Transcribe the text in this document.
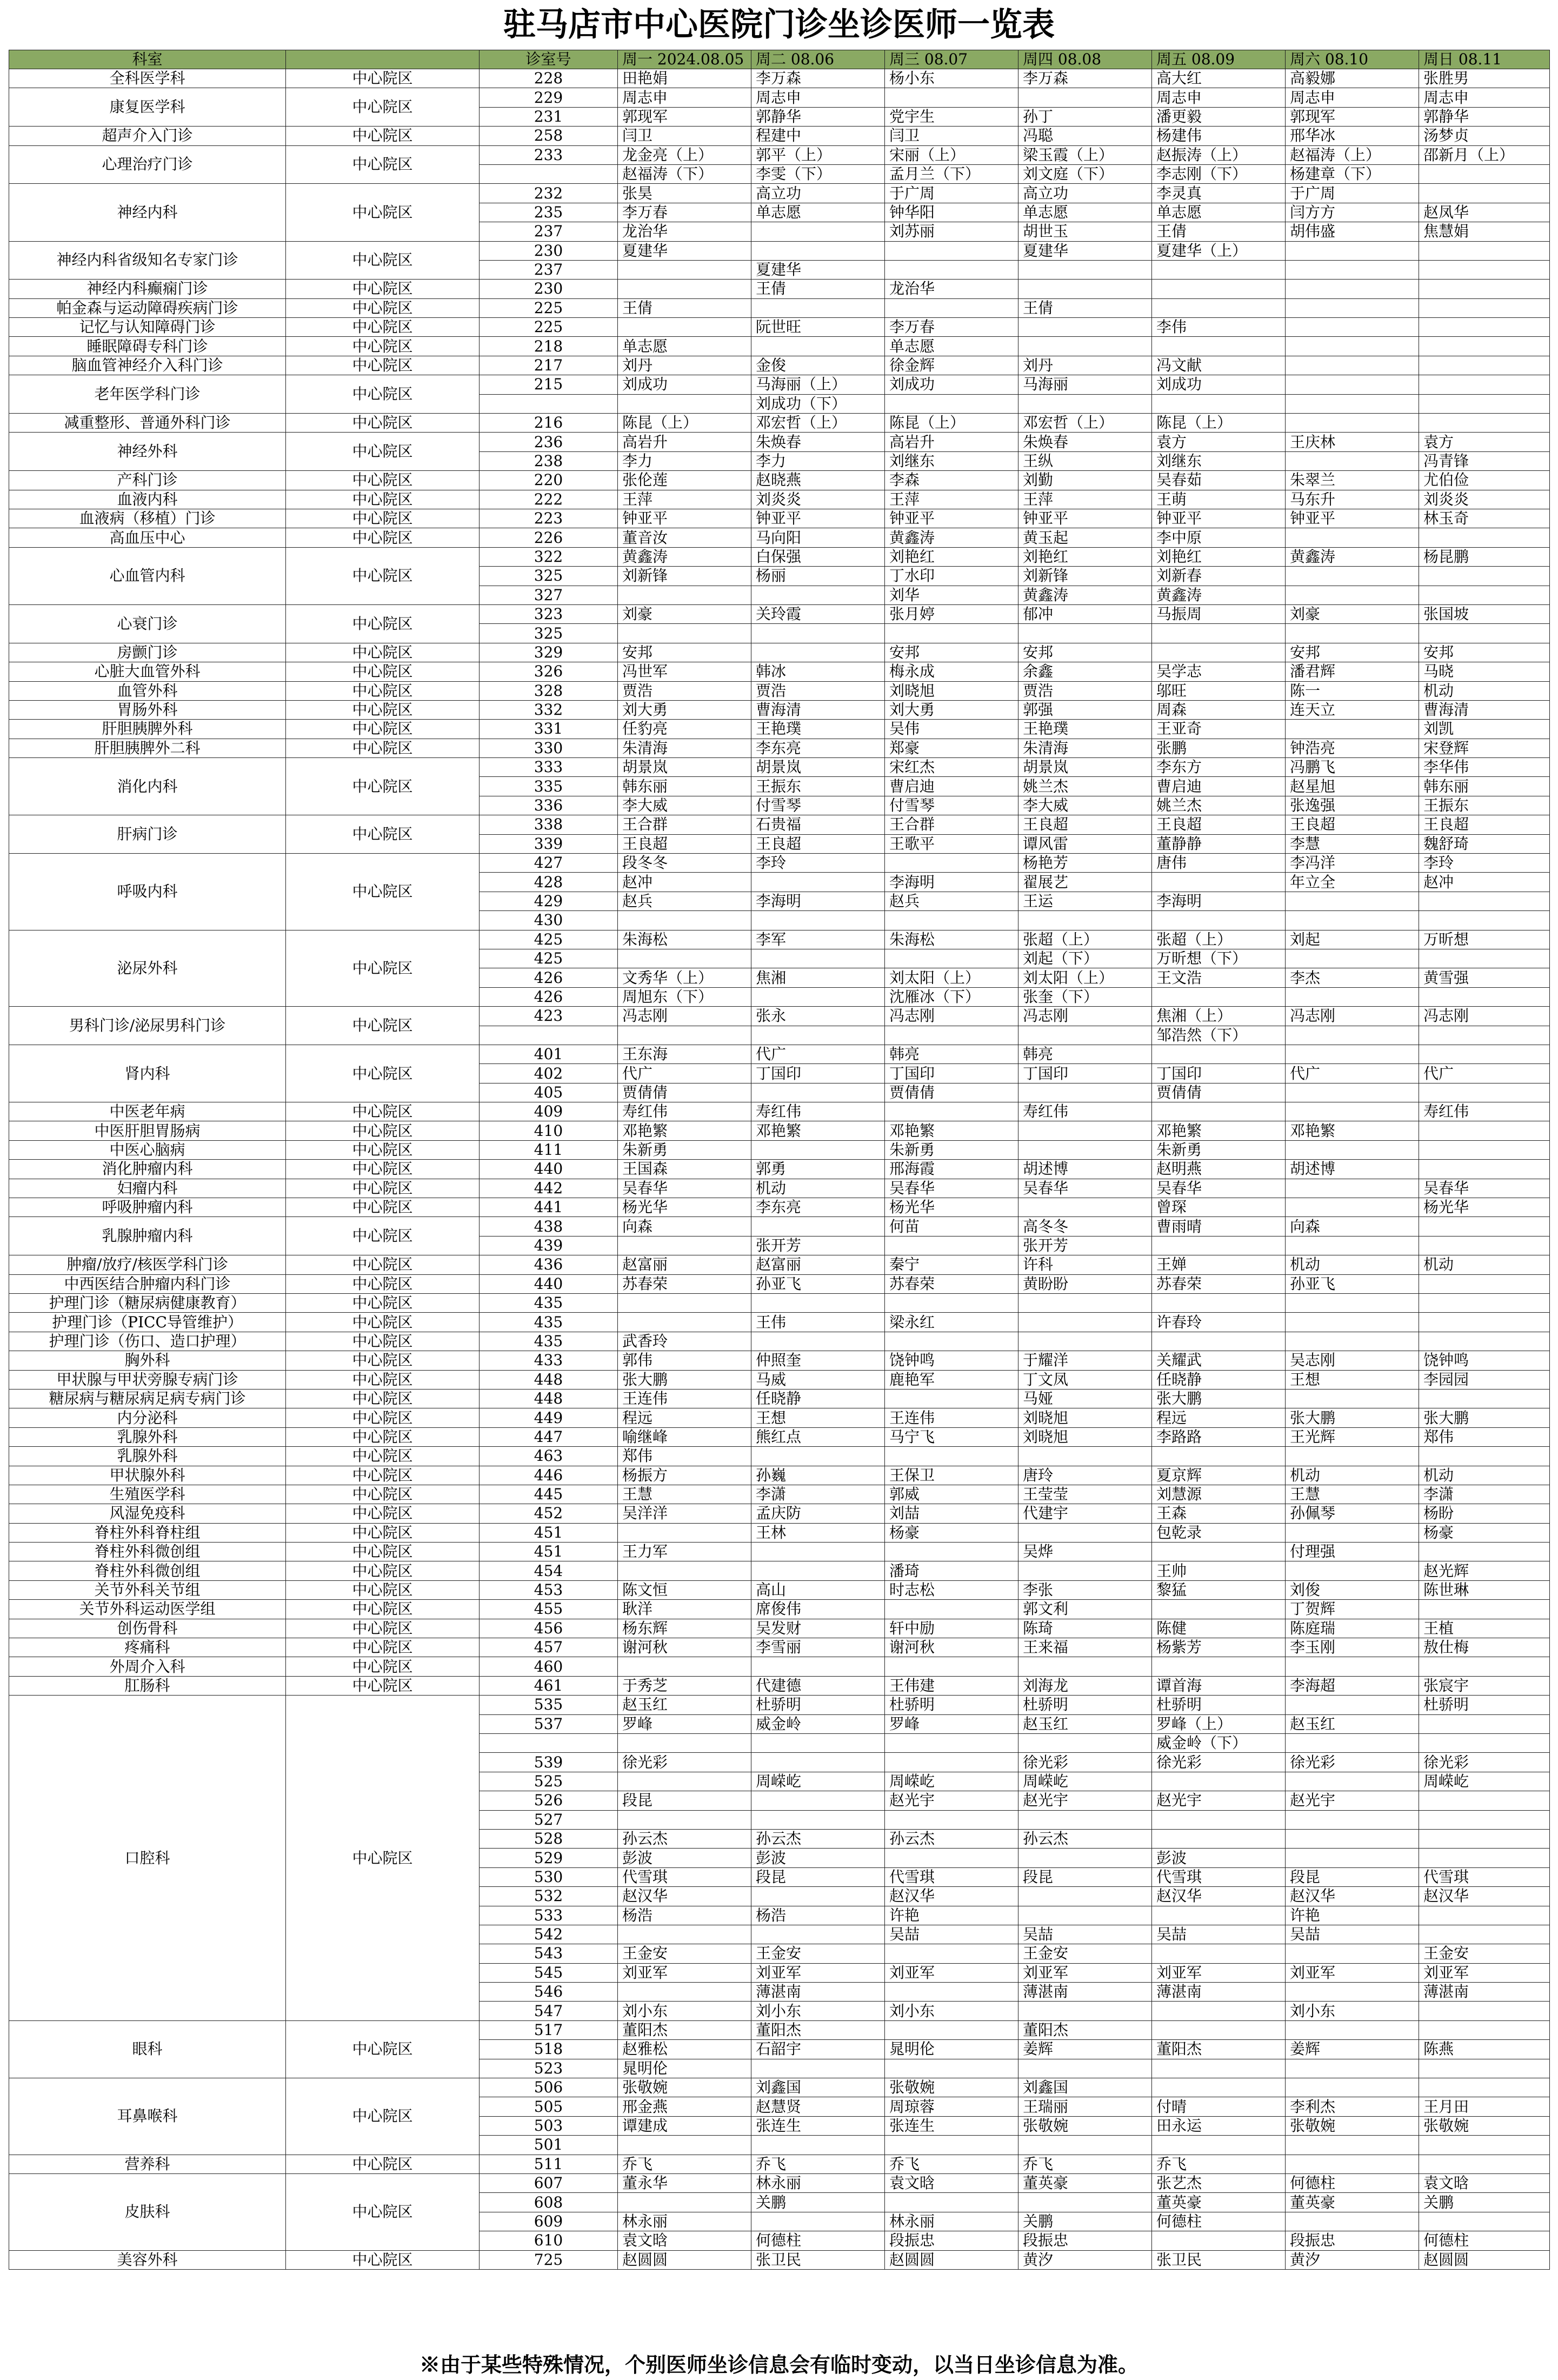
驻马店市中心医院门诊坐诊医师一览表
科室		诊室号	周一 2024.08.05	周二 08.06	周三 08.07	周四 08.08	周五 08.09	周六 08.10	周日 08.11
全科医学科	中心院区	228	田艳娟	李万森	杨小东	李万森	高大红	高毅娜	张胜男
康复医学科	中心院区	229	周志申	周志申			周志申	周志申	周志申
		231	郭现军	郭静华	党宇生	孙丁	潘更毅	郭现军	郭静华
超声介入门诊	中心院区	258	闫卫	程建中	闫卫	冯聪	杨建伟	邢华冰	汤梦贞
心理治疗门诊	中心院区	233	龙金亮（上）	郭平（上）	宋丽（上）	梁玉霞（上）	赵振涛（上）	赵福涛（上）	邵新月（上）
			赵福涛（下）	李雯（下）	孟月兰（下）	刘文庭（下）	李志刚（下）	杨建章（下）	
神经内科	中心院区	232	张昊	高立功	于广周	高立功	李灵真	于广周	
		235	李万春	单志愿	钟华阳	单志愿	单志愿	闫方方	赵凤华
		237	龙治华		刘苏丽	胡世玉	王倩	胡伟盛	焦慧娟
神经内科省级知名专家门诊	中心院区	230	夏建华			夏建华	夏建华（上）		
		237		夏建华					
神经内科癫痫门诊	中心院区	230		王倩	龙治华				
帕金森与运动障碍疾病门诊	中心院区	225	王倩			王倩			
记忆与认知障碍门诊	中心院区	225		阮世旺	李万春		李伟		
睡眠障碍专科门诊	中心院区	218	单志愿		单志愿				
脑血管神经介入科门诊	中心院区	217	刘丹	金俊	徐金辉	刘丹	冯文献		
老年医学科门诊	中心院区	215	刘成功	马海丽（上）	刘成功	马海丽	刘成功		
				刘成功（下）					
减重整形、普通外科门诊	中心院区	216	陈昆（上）	邓宏哲（上）	陈昆（上）	邓宏哲（上）	陈昆（上）		
神经外科	中心院区	236	高岩升	朱焕春	高岩升	朱焕春	袁方	王庆林	袁方
		238	李力	李力	刘继东	王纵	刘继东		冯青锋
产科门诊	中心院区	220	张伦莲	赵晓燕	李森	刘勤	吴春茹	朱翠兰	尤伯俭
血液内科	中心院区	222	王萍	刘炎炎	王萍	王萍	王萌	马东升	刘炎炎
血液病（移植）门诊	中心院区	223	钟亚平	钟亚平	钟亚平	钟亚平	钟亚平	钟亚平	林玉奇
高血压中心	中心院区	226	董音汝	马向阳	黄鑫涛	黄玉起	李中原		
心血管内科	中心院区	322	黄鑫涛	白保强	刘艳红	刘艳红	刘艳红	黄鑫涛	杨昆鹏
		325	刘新锋	杨丽	丁水印	刘新锋	刘新春		
		327			刘华	黄鑫涛	黄鑫涛		
心衰门诊	中心院区	323	刘豪	关玲霞	张月婷	郁冲	马振周	刘豪	张国坡
		325							
房颤门诊	中心院区	329	安邦		安邦	安邦		安邦	安邦
心脏大血管外科	中心院区	326	冯世军	韩冰	梅永成	余鑫	吴学志	潘君辉	马晓
血管外科	中心院区	328	贾浩	贾浩	刘晓旭	贾浩	邬旺	陈一	机动
胃肠外科	中心院区	332	刘大勇	曹海清	刘大勇	郭强	周森	连天立	曹海清
肝胆胰脾外科	中心院区	331	任豹亮	王艳璞	吴伟	王艳璞	王亚奇		刘凯
肝胆胰脾外二科	中心院区	330	朱清海	李东亮	郑豪	朱清海	张鹏	钟浩亮	宋登辉
消化内科	中心院区	333	胡景岚	胡景岚	宋红杰	胡景岚	李东方	冯鹏飞	李华伟
		335	韩东丽	王振东	曹启迪	姚兰杰	曹启迪	赵星旭	韩东丽
		336	李大威	付雪琴	付雪琴	李大威	姚兰杰	张逸强	王振东
肝病门诊	中心院区	338	王合群	石贵福	王合群	王良超	王良超	王良超	王良超
		339	王良超	王良超	王歌平	谭风雷	董静静	李慧	魏舒琦
呼吸内科	中心院区	427	段冬冬	李玲		杨艳芳	唐伟	李冯洋	李玲
		428	赵冲		李海明	翟展艺		年立全	赵冲
		429	赵兵	李海明	赵兵	王运	李海明		
		430							
泌尿外科	中心院区	425	朱海松	李军	朱海松	张超（上）	张超（上）	刘起	万昕想
		425				刘起（下）	万昕想（下）		
		426	文秀华（上）	焦湘	刘太阳（上）	刘太阳（上）	王文浩	李杰	黄雪强
		426	周旭东（下）		沈雁冰（下）	张奎（下）			
男科门诊/泌尿男科门诊	中心院区	423	冯志刚	张永	冯志刚	冯志刚	焦湘（上）	冯志刚	冯志刚
							邹浩然（下）		
肾内科	中心院区	401	王东海	代广	韩亮	韩亮			
		402	代广	丁国印	丁国印	丁国印	丁国印	代广	代广
		405	贾倩倩		贾倩倩		贾倩倩		
中医老年病	中心院区	409	寿红伟	寿红伟		寿红伟			寿红伟
中医肝胆胃肠病	中心院区	410	邓艳繁	邓艳繁	邓艳繁		邓艳繁	邓艳繁	
中医心脑病	中心院区	411	朱新勇		朱新勇		朱新勇		
消化肿瘤内科	中心院区	440	王国森	郭勇	邢海霞	胡述博	赵明燕	胡述博	
妇瘤内科	中心院区	442	吴春华	机动	吴春华	吴春华	吴春华		吴春华
呼吸肿瘤内科	中心院区	441	杨光华	李东亮	杨光华		曾琛		杨光华
乳腺肿瘤内科	中心院区	438	向森		何苗	高冬冬	曹雨晴	向森	
		439		张开芳		张开芳			
肿瘤/放疗/核医学科门诊	中心院区	436	赵富丽	赵富丽	秦宁	许科	王婵	机动	机动
中西医结合肿瘤内科门诊	中心院区	440	苏春荣	孙亚飞	苏春荣	黄盼盼	苏春荣	孙亚飞	
护理门诊（糖尿病健康教育）	中心院区	435							
护理门诊（PICC导管维护）	中心院区	435		王伟	梁永红		许春玲		
护理门诊（伤口、造口护理）	中心院区	435	武香玲						
胸外科	中心院区	433	郭伟	仲照奎	饶钟鸣	于耀洋	关耀武	吴志刚	饶钟鸣
甲状腺与甲状旁腺专病门诊	中心院区	448	张大鹏	马威	鹿艳军	丁文凤	任晓静	王想	李园园
糖尿病与糖尿病足病专病门诊	中心院区	448	王连伟	任晓静		马娅	张大鹏		
内分泌科	中心院区	449	程远	王想	王连伟	刘晓旭	程远	张大鹏	张大鹏
乳腺外科	中心院区	447	喻继峰	熊红点	马宁飞	刘晓旭	李路路	王光辉	郑伟
乳腺外科	中心院区	463	郑伟						
甲状腺外科	中心院区	446	杨振方	孙巍	王保卫	唐玲	夏京辉	机动	机动
生殖医学科	中心院区	445	王慧	李潇	郭威	王莹莹	刘慧源	王慧	李潇
风湿免疫科	中心院区	452	吴洋洋	孟庆防	刘喆	代建宇	王森	孙佩琴	杨盼
脊柱外科脊柱组	中心院区	451		王林	杨豪		包乾录		杨豪
脊柱外科微创组	中心院区	451	王力军			吴烨		付理强	
脊柱外科微创组	中心院区	454			潘琦		王帅		赵光辉
关节外科关节组	中心院区	453	陈文恒	高山	时志松	李张	黎猛	刘俊	陈世琳
关节外科运动医学组	中心院区	455	耿洋	席俊伟		郭文利		丁贺辉	
创伤骨科	中心院区	456	杨东辉	吴发财	轩中励	陈琦	陈健	陈庭瑞	王植
疼痛科	中心院区	457	谢河秋	李雪丽	谢河秋	王来福	杨紫芳	李玉刚	敖仕梅
外周介入科	中心院区	460							
肛肠科	中心院区	461	于秀芝	代建德	王伟建	刘海龙	谭首海	李海超	张宸宇
口腔科	中心院区	535	赵玉红	杜骄明	杜骄明	杜骄明	杜骄明		杜骄明
		537	罗峰	威金岭	罗峰	赵玉红	罗峰（上）	赵玉红	
							威金岭（下）		
		539	徐光彩			徐光彩	徐光彩	徐光彩	徐光彩
		525		周嵘屹	周嵘屹	周嵘屹			周嵘屹
		526	段昆		赵光宇	赵光宇	赵光宇	赵光宇	
		527							
		528	孙云杰	孙云杰	孙云杰	孙云杰			
		529	彭波	彭波			彭波		
		530	代雪琪	段昆	代雪琪	段昆	代雪琪	段昆	代雪琪
		532	赵汉华		赵汉华		赵汉华	赵汉华	赵汉华
		533	杨浩	杨浩	许艳			许艳	
		542			吴喆	吴喆	吴喆	吴喆	
		543	王金安	王金安		王金安			王金安
		545	刘亚军	刘亚军	刘亚军	刘亚军	刘亚军	刘亚军	刘亚军
		546		薄湛南		薄湛南	薄湛南		薄湛南
		547	刘小东	刘小东	刘小东			刘小东	
眼科	中心院区	517	董阳杰	董阳杰		董阳杰			
		518	赵雅松	石韶宇	晁明伦	姜辉	董阳杰	姜辉	陈燕
		523	晁明伦						
耳鼻喉科	中心院区	506	张敬婉	刘鑫国	张敬婉	刘鑫国			
		505	邢金燕	赵慧贤	周琼蓉	王瑞丽	付晴	李利杰	王月田
		503	谭建成	张连生	张连生	张敬婉	田永运	张敬婉	张敬婉
		501							
营养科	中心院区	511	乔飞	乔飞	乔飞	乔飞	乔飞		
皮肤科	中心院区	607	董永华	林永丽	袁文晗	董英豪	张艺杰	何德柱	袁文晗
		608		关鹏			董英豪	董英豪	关鹏
		609	林永丽		林永丽	关鹏	何德柱		
		610	袁文晗	何德柱	段振忠	段振忠		段振忠	何德柱
美容外科	中心院区	725	赵圆圆	张卫民	赵圆圆	黄汐	张卫民	黄汐	赵圆圆
※由于某些特殊情况，个别医师坐诊信息会有临时变动，以当日坐诊信息为准。
